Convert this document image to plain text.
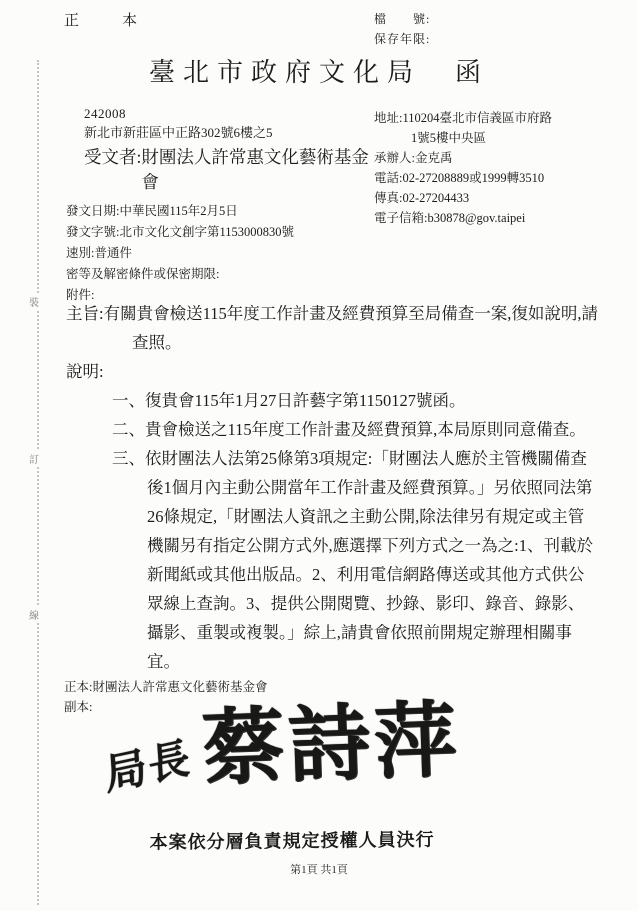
裝
訂
線
正　本	檔　　號:
保存年限:
臺北市政府文化局　函
242008
新北市新莊區中正路302號6樓之5
受文者: 財團法人許常惠文化藝術基金會
地址:110204臺北市信義區市府路
1號5樓中央區
承辦人:金克禹
電話:02-27208889或1999轉3510
傳真:02-27204433
電子信箱:b30878@gov.taipei
發文日期:中華民國115年2月5日
發文字號:北市文化文創字第1153000830號
速別:普通件
密等及解密條件或保密期限:
附件:
主旨:有關貴會檢送115年度工作計畫及經費預算至局備查一案,復如說明,請查照。
說明:
一、復貴會115年1月27日許藝字第1150127號函。
二、貴會檢送之115年度工作計畫及經費預算,本局原則同意備查。
三、依財團法人法第25條第3項規定:「財團法人應於主管機關備查後1個月內主動公開當年工作計畫及經費預算。」另依照同法第26條規定,「財團法人資訊之主動公開,除法律另有規定或主管機關另有指定公開方式外,應選擇下列方式之一為之:1、刊載於新聞紙或其他出版品。2、利用電信網路傳送或其他方式供公眾線上查詢。3、提供公開閱覽、抄錄、影印、錄音、錄影、攝影、重製或複製。」綜上,請貴會依照前開規定辦理相關事宜。
正本:財團法人許常惠文化藝術基金會
副本:
局長 蔡詩萍
本案依分層負責規定授權人員決行
第1頁 共1頁
